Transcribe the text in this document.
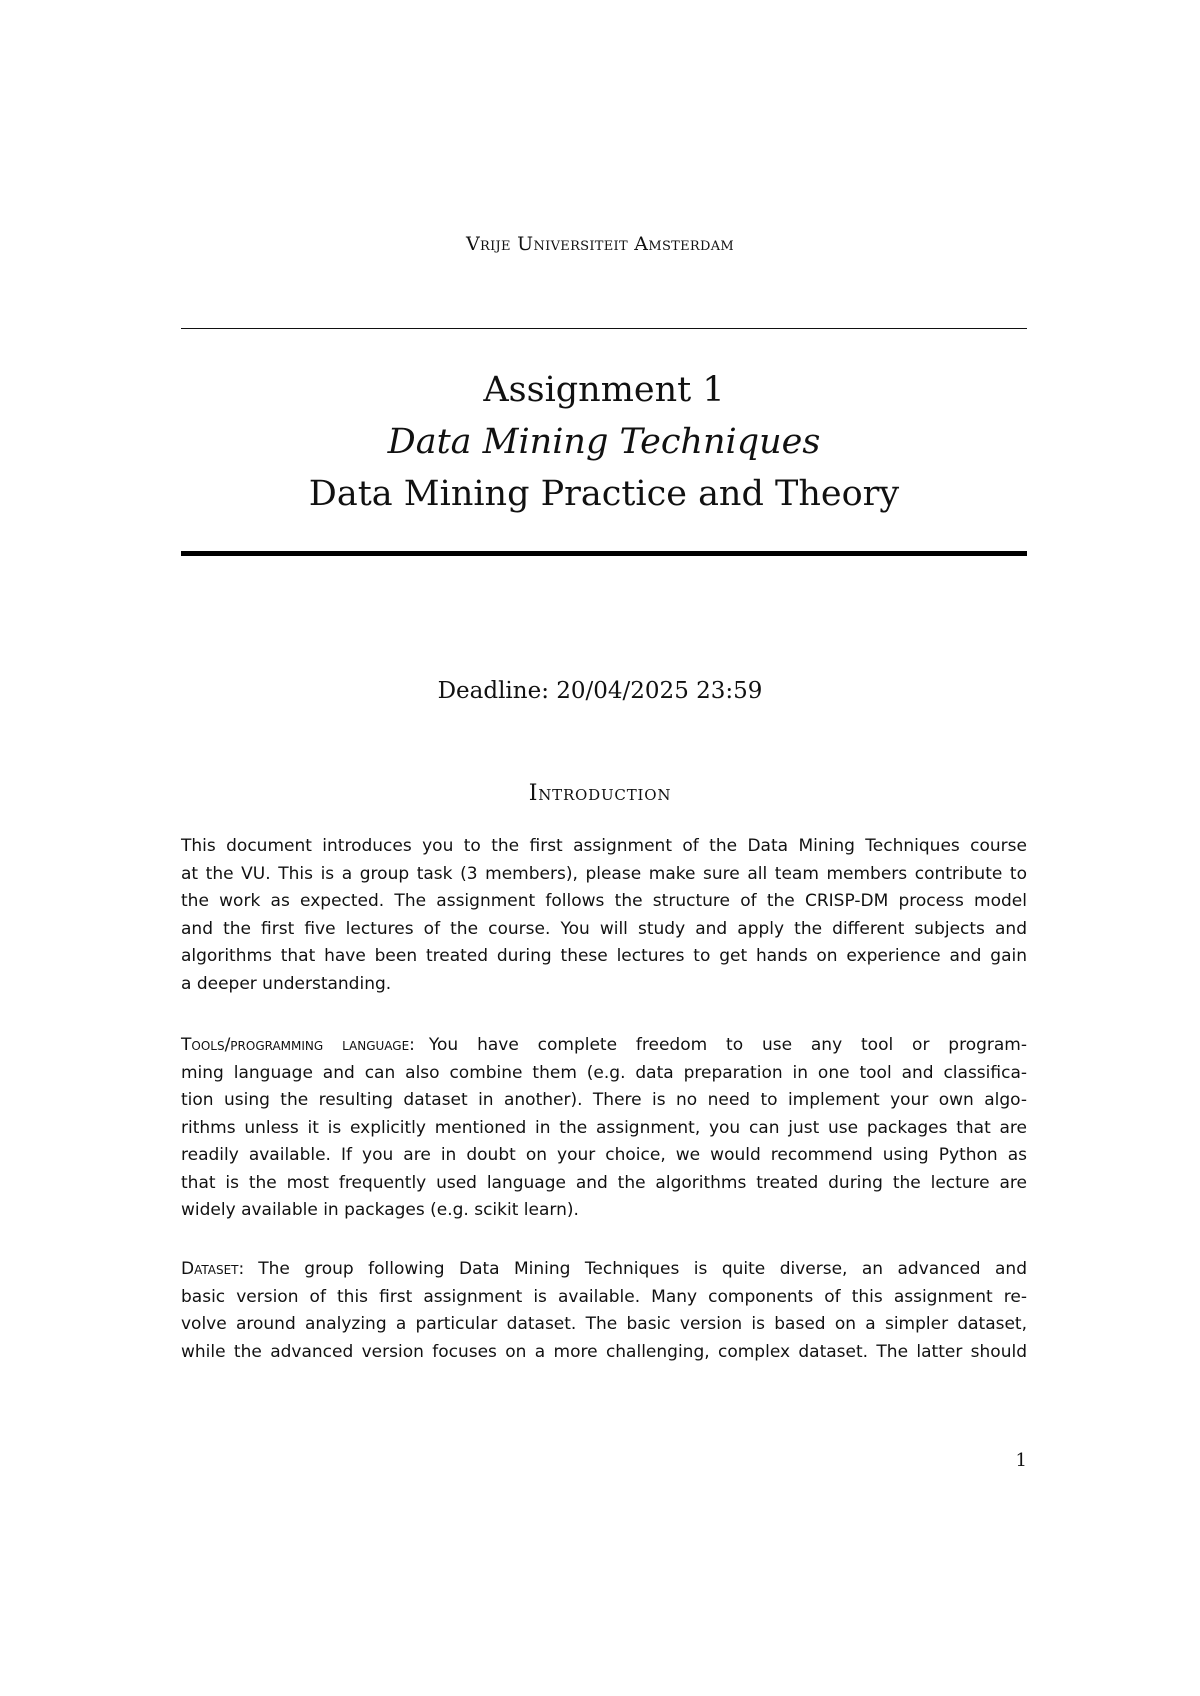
Vrije Universiteit Amsterdam
Assignment 1
Data Mining Techniques
Data Mining Practice and Theory
Deadline: 20/04/2025 23:59
Introduction
This document introduces you to the first assignment of the Data Mining Techniques course
at the VU. This is a group task (3 members), please make sure all team members contribute to
the work as expected. The assignment follows the structure of the CRISP-DM process model
and the first five lectures of the course. You will study and apply the different subjects and
algorithms that have been treated during these lectures to get hands on experience and gain
a deeper understanding.
Tools/programming language: You have complete freedom to use any tool or program-
ming language and can also combine them (e.g. data preparation in one tool and classifica-
tion using the resulting dataset in another). There is no need to implement your own algo-
rithms unless it is explicitly mentioned in the assignment, you can just use packages that are
readily available. If you are in doubt on your choice, we would recommend using Python as
that is the most frequently used language and the algorithms treated during the lecture are
widely available in packages (e.g. scikit learn).
Dataset: The group following Data Mining Techniques is quite diverse, an advanced and
basic version of this first assignment is available. Many components of this assignment re-
volve around analyzing a particular dataset. The basic version is based on a simpler dataset,
while the advanced version focuses on a more challenging, complex dataset. The latter should
1
